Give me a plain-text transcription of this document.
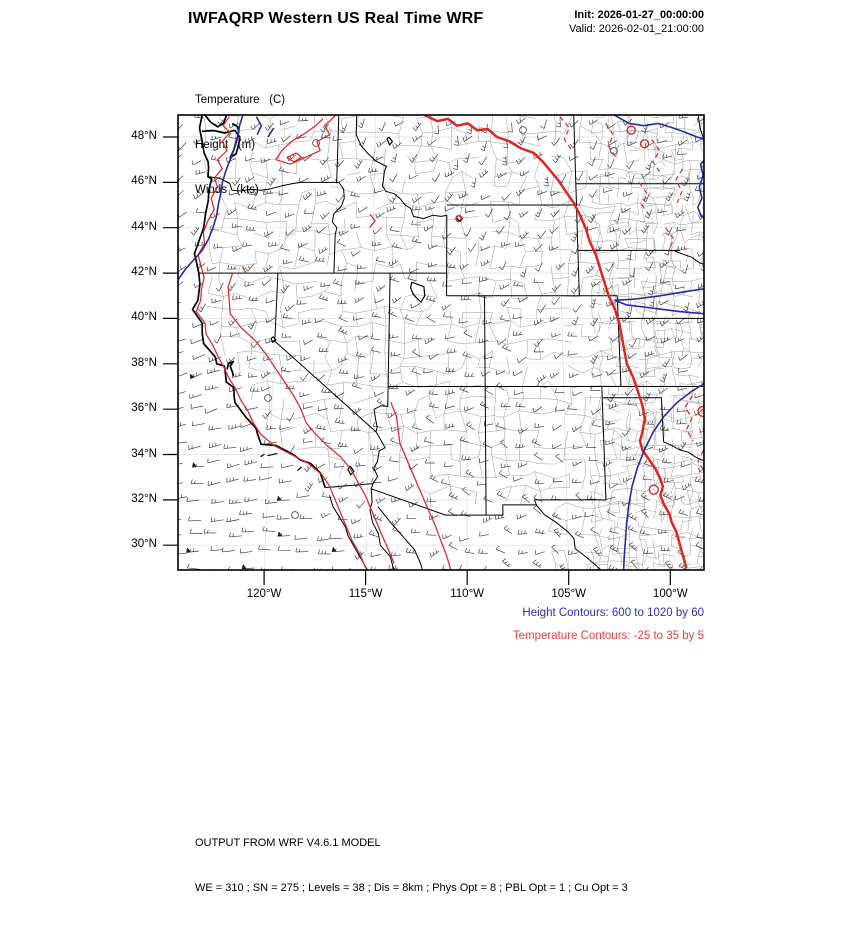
IWFAQRP Western US Real Time WRF	Init: 2026-01-27_00:00:00
Valid: 2026-02-01_21:00:00

Temperature   (C)

Height   (m)

Winds   (kts)

48°N
46°N
44°N
42°N
40°N
38°N
36°N
34°N
32°N
30°N
120°W	115°W	110°W	105°W	100°W
Height Contours: 600 to 1020 by 60
Temperature Contours: -25 to 35 by 5

OUTPUT FROM WRF V4.6.1 MODEL

WE = 310 ; SN = 275 ; Levels = 38 ; Dis = 8km ; Phys Opt = 8 ; PBL Opt = 1 ; Cu Opt = 3
